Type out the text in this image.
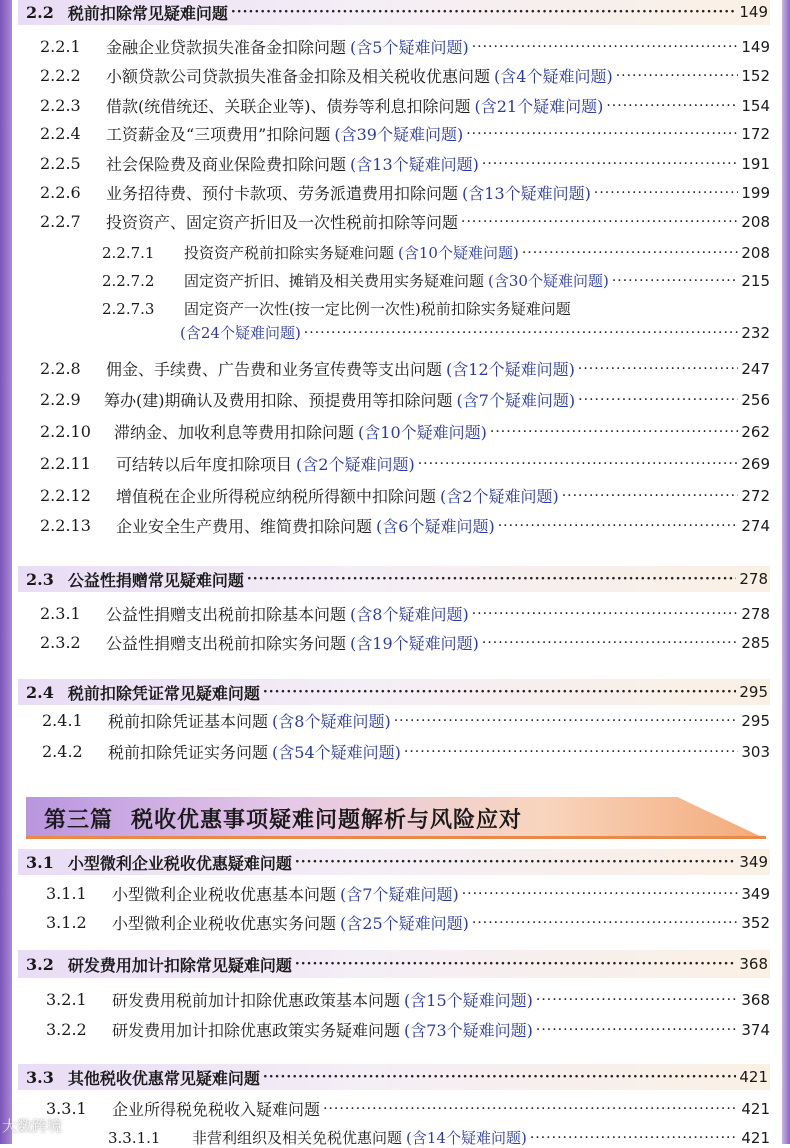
2.2 税前扣除常见疑难问题 ·····	149
2.2.1	金融企业贷款损失准备金扣除问题 (含5个疑难问题) ·····	149
2.2.2	小额贷款公司贷款损失准备金扣除及相关税收优惠问题 (含4个疑难问题) ·····	152
2.2.3	借款(统借统还、关联企业等)、债券等利息扣除问题 (含21个疑难问题) ·····	154
2.2.4	工资薪金及“三项费用”扣除问题 (含39个疑难问题) ·····	172
2.2.5	社会保险费及商业保险费扣除问题 (含13个疑难问题) ·····	191
2.2.6	业务招待费、预付卡款项、劳务派遣费用扣除问题 (含13个疑难问题) ·····	199
2.2.7	投资资产、固定资产折旧及一次性税前扣除等问题 ·····	208
2.2.7.1	投资资产税前扣除实务疑难问题 (含10个疑难问题) ·····	208
2.2.7.2	固定资产折旧、摊销及相关费用实务疑难问题 (含30个疑难问题) ·····	215
2.2.7.3	固定资产一次性(按一定比例一次性)税前扣除实务疑难问题
(含24个疑难问题) ·····	232
2.2.8	佣金、手续费、广告费和业务宣传费等支出问题 (含12个疑难问题) ·····	247
2.2.9	筹办(建)期确认及费用扣除、预提费用等扣除问题 (含7个疑难问题) ·····	256
2.2.10	滞纳金、加收利息等费用扣除问题 (含10个疑难问题) ·····	262
2.2.11	可结转以后年度扣除项目 (含2个疑难问题) ·····	269
2.2.12	增值税在企业所得税应纳税所得额中扣除问题 (含2个疑难问题) ·····	272
2.2.13	企业安全生产费用、维简费扣除问题 (含6个疑难问题) ·····	274
2.3 公益性捐赠常见疑难问题 ·····	278
2.3.1	公益性捐赠支出税前扣除基本问题 (含8个疑难问题) ·····	278
2.3.2	公益性捐赠支出税前扣除实务问题 (含19个疑难问题) ·····	285
2.4 税前扣除凭证常见疑难问题 ·····	295
2.4.1	税前扣除凭证基本问题 (含8个疑难问题) ·····	295
2.4.2	税前扣除凭证实务问题 (含54个疑难问题) ·····	303
第三篇 税收优惠事项疑难问题解析与风险应对
3.1 小型微利企业税收优惠疑难问题 ·····	349
3.1.1	小型微利企业税收优惠基本问题 (含7个疑难问题) ·····	349
3.1.2	小型微利企业税收优惠实务问题 (含25个疑难问题) ·····	352
3.2 研发费用加计扣除常见疑难问题 ·····	368
3.2.1	研发费用税前加计扣除优惠政策基本问题 (含15个疑难问题) ·····	368
3.2.2	研发费用加计扣除优惠政策实务疑难问题 (含73个疑难问题) ·····	374
3.3 其他税收优惠常见疑难问题 ·····	421
3.3.1	企业所得税免税收入疑难问题 ·····	421
3.3.1.1	非营利组织及相关免税优惠问题 (含14个疑难问题) ·····	421
大数跨境
